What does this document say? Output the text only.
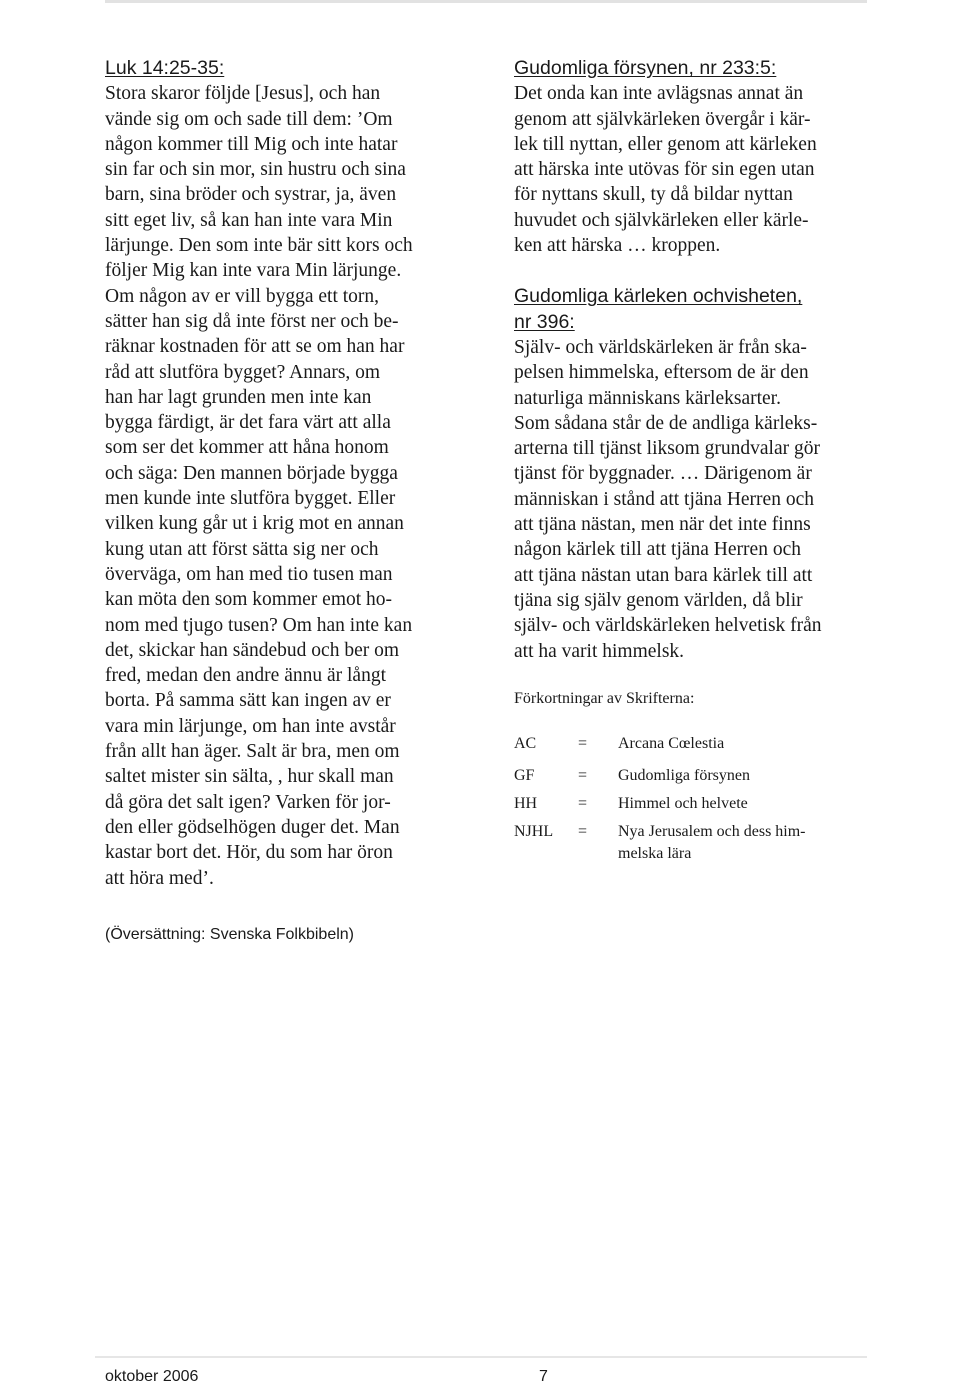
Luk 14:25-35:

Stora skaror följde [Jesus], och han
vände sig om och sade till dem: ’Om
någon kommer till Mig och inte hatar
sin far och sin mor, sin hustru och sina
barn, sina bröder och systrar, ja, även
sitt eget liv, så kan han inte vara Min
lärjunge. Den som inte bär sitt kors och
följer Mig kan inte vara Min lärjunge.
Om någon av er vill bygga ett torn,
sätter han sig då inte först ner och be-
räknar kostnaden för att se om han har
råd att slutföra bygget? Annars, om
han har lagt grunden men inte kan
bygga färdigt, är det fara värt att alla
som ser det kommer att håna honom
och säga: Den mannen började bygga
men kunde inte slutföra bygget. Eller
vilken kung går ut i krig mot en annan
kung utan att först sätta sig ner och
överväga, om han med tio tusen man
kan möta den som kommer emot ho-
nom med tjugo tusen? Om han inte kan
det, skickar han sändebud och ber om
fred, medan den andre ännu är långt
borta. På samma sätt kan ingen av er
vara min lärjunge, om han inte avstår
från allt han äger. Salt är bra, men om
saltet mister sin sälta, , hur skall man
då göra det salt igen? Varken för jor-
den eller gödselhögen duger det. Man
kastar bort det. Hör, du som har öron
att höra med’.

Gudomliga försynen, nr 233:5:

Det onda kan inte avlägsnas annat än
genom att självkärleken övergår i kär-
lek till nyttan, eller genom att kärleken
att härska inte utövas för sin egen utan
för nyttans skull, ty då bildar nyttan
huvudet och självkärleken eller kärle-
ken att härska … kroppen.

Gudomliga kärleken ochvisheten,
nr 396:

Själv- och världskärleken är från ska-
pelsen himmelska, eftersom de är den
naturliga människans kärleksarter.
Som sådana står de de andliga kärleks-
arterna till tjänst liksom grundvalar gör
tjänst för byggnader. … Därigenom är
människan i stånd att tjäna Herren och
att tjäna nästan, men när det inte finns
någon kärlek till att tjäna Herren och
att tjäna nästan utan bara kärlek till att
tjäna sig själv genom världen, då blir
själv- och världskärleken helvetisk från
att ha varit himmelsk.

Förkortningar av Skrifterna:
AC	=	Arcana Cœlestia
GF	=	Gudomliga försynen
HH	=	Himmel och helvete
NJHL	=	Nya Jerusalem och dess him-
melska lära
(Översättning: Svenska Folkbibeln)
oktober 2006	7
